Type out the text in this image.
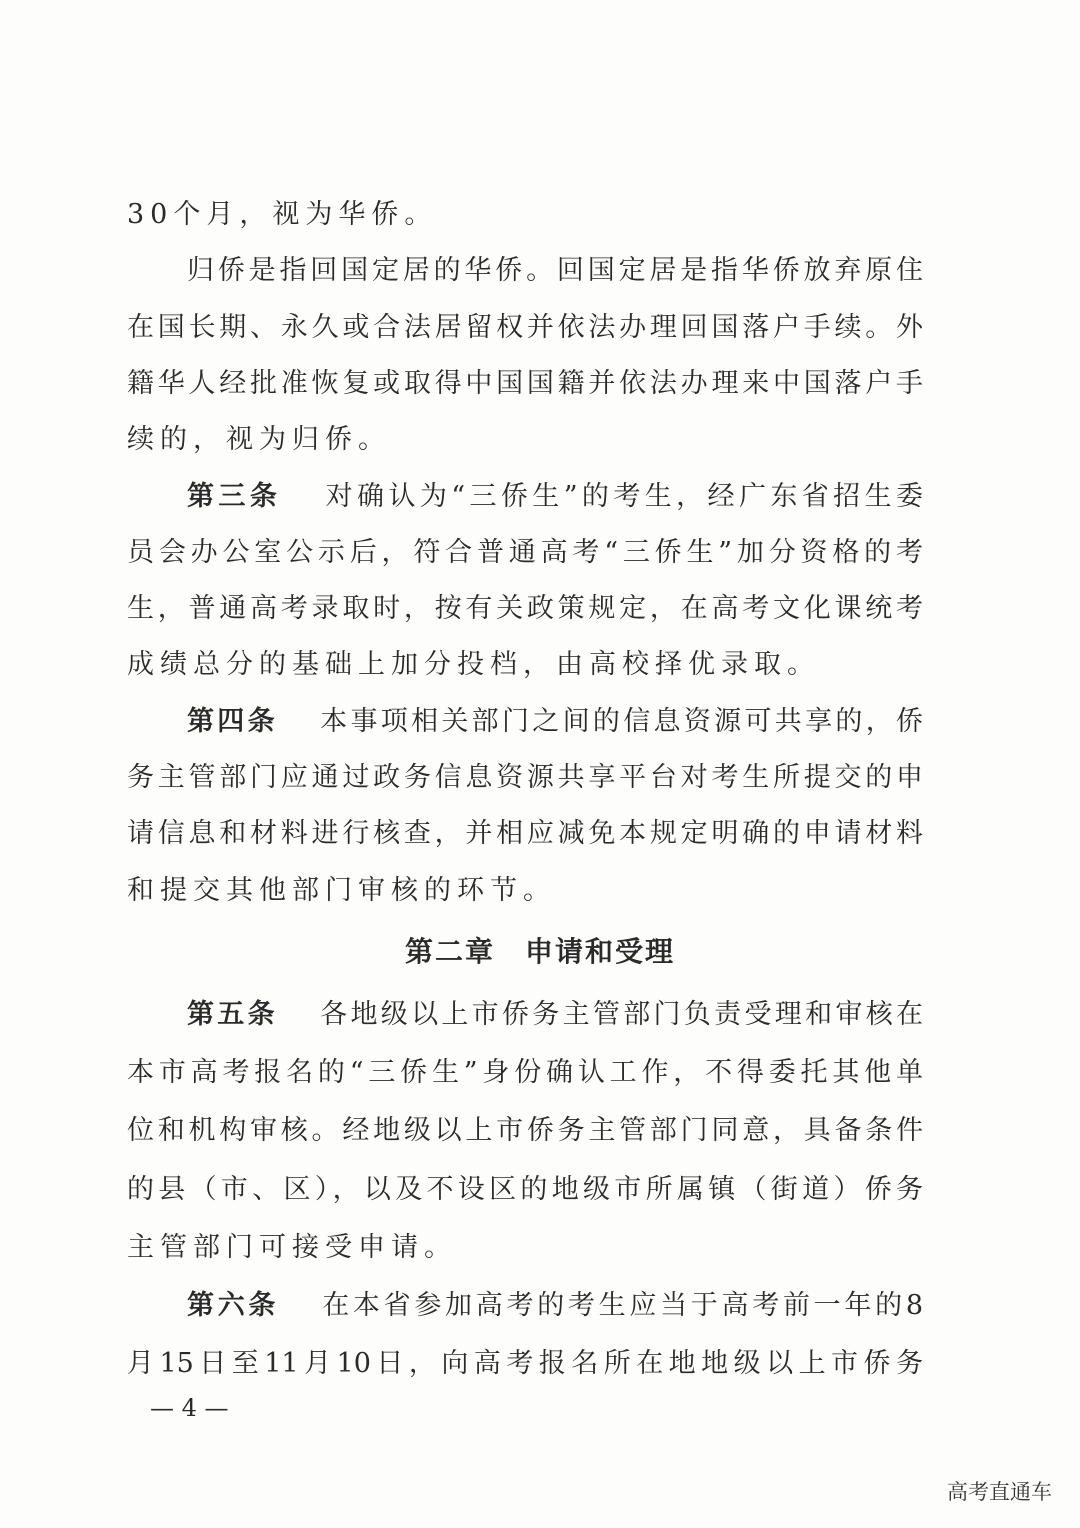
30个月，视为华侨。
归侨是指回国定居的华侨。回国定居是指华侨放弃原住
在国长期、永久或合法居留权并依法办理回国落户手续。外
籍华人经批准恢复或取得中国国籍并依法办理来中国落户手
续的，视为归侨。
第三条　 对确认为“三侨生”的考生，经广东省招生委
员会办公室公示后，符合普通高考“三侨生”加分资格的考
生，普通高考录取时，按有关政策规定，在高考文化课统考
成绩总分的基础上加分投档，由高校择优录取。
第四条　 本事项相关部门之间的信息资源可共享的，侨
务主管部门应通过政务信息资源共享平台对考生所提交的申
请信息和材料进行核查，并相应减免本规定明确的申请材料
和提交其他部门审核的环节。
第五条　 各地级以上市侨务主管部门负责受理和审核在
本市高考报名的“三侨生”身份确认工作，不得委托其他单
位和机构审核。经地级以上市侨务主管部门同意，具备条件
的县（市、区），以及不设区的地级市所属镇（街道）侨务
主管部门可接受申请。
第六条　 在本省参加高考的考生应当于高考前一年的8
月15日至11月10日，向高考报名所在地地级以上市侨务
第二章　申请和受理
— 4 —
高考直通车
